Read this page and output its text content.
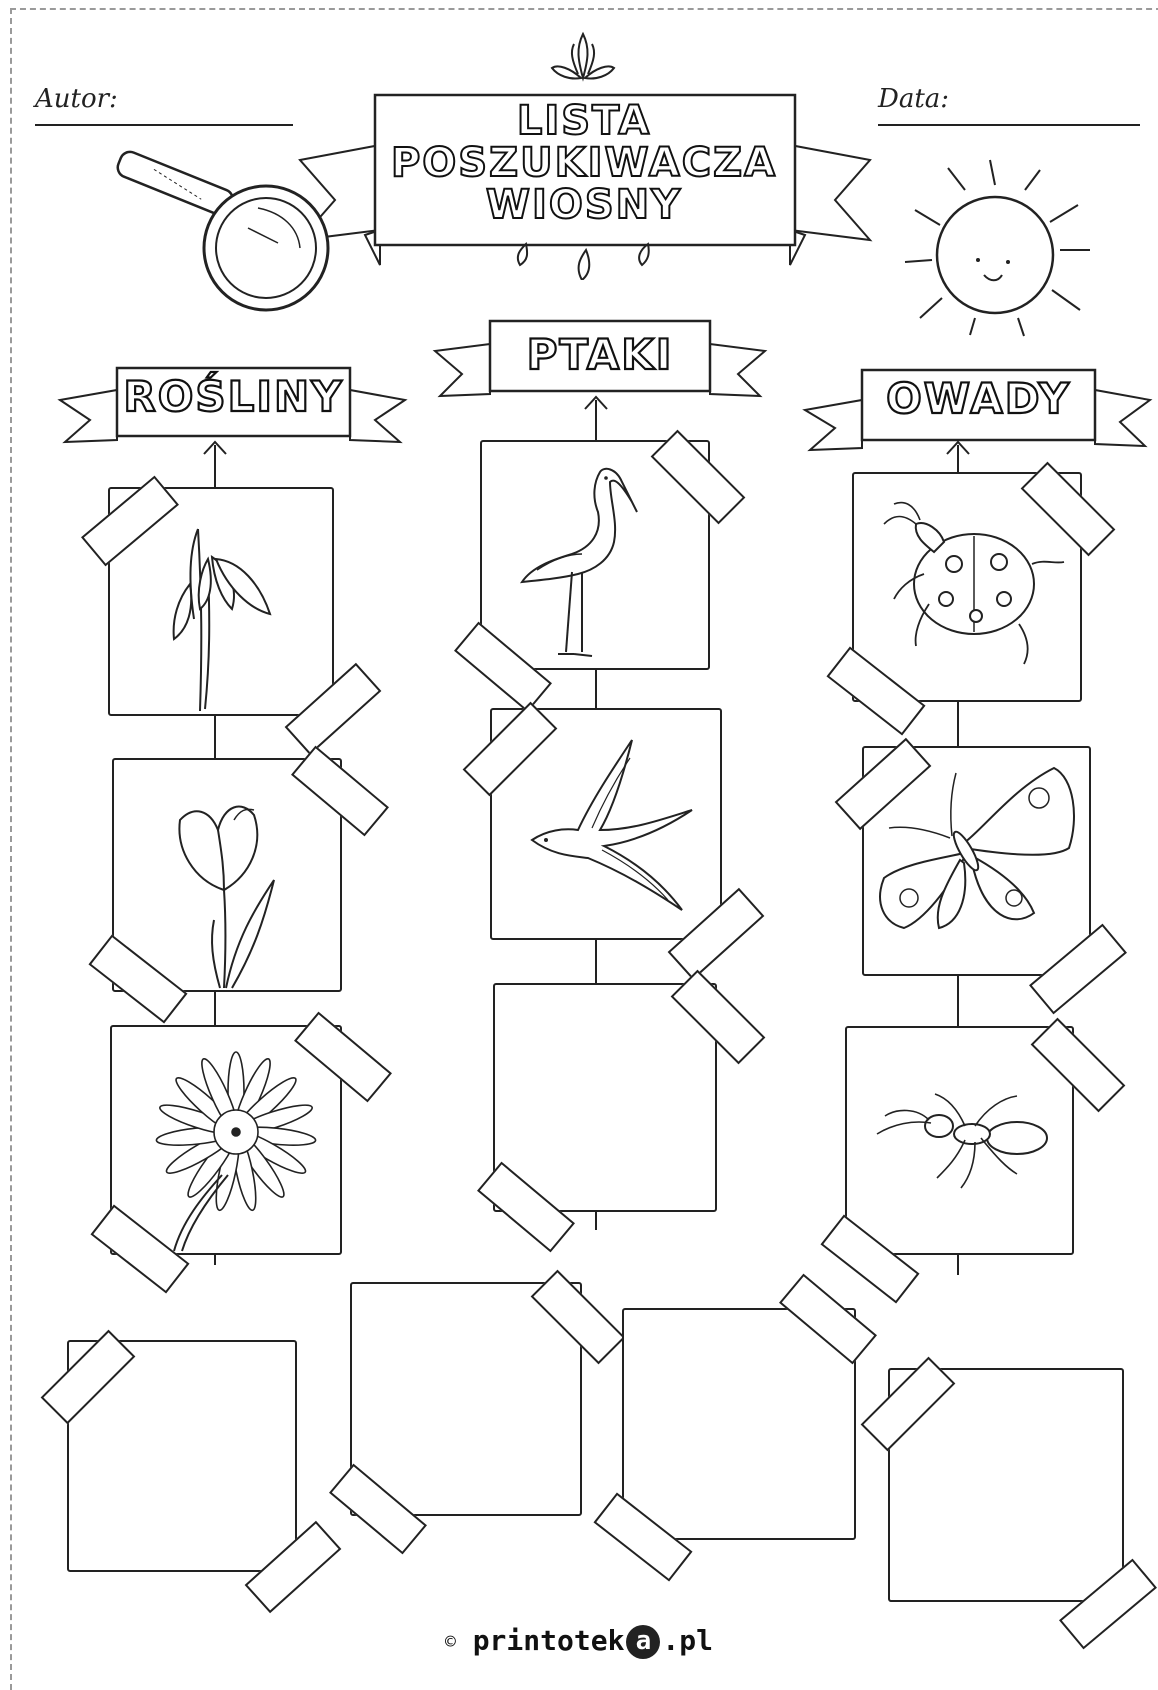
Autor:	Data:
LISTA
POSZUKIWACZA
WIOSNY
ROŚLINY
PTAKI
OWADY
© printotek a .pl
